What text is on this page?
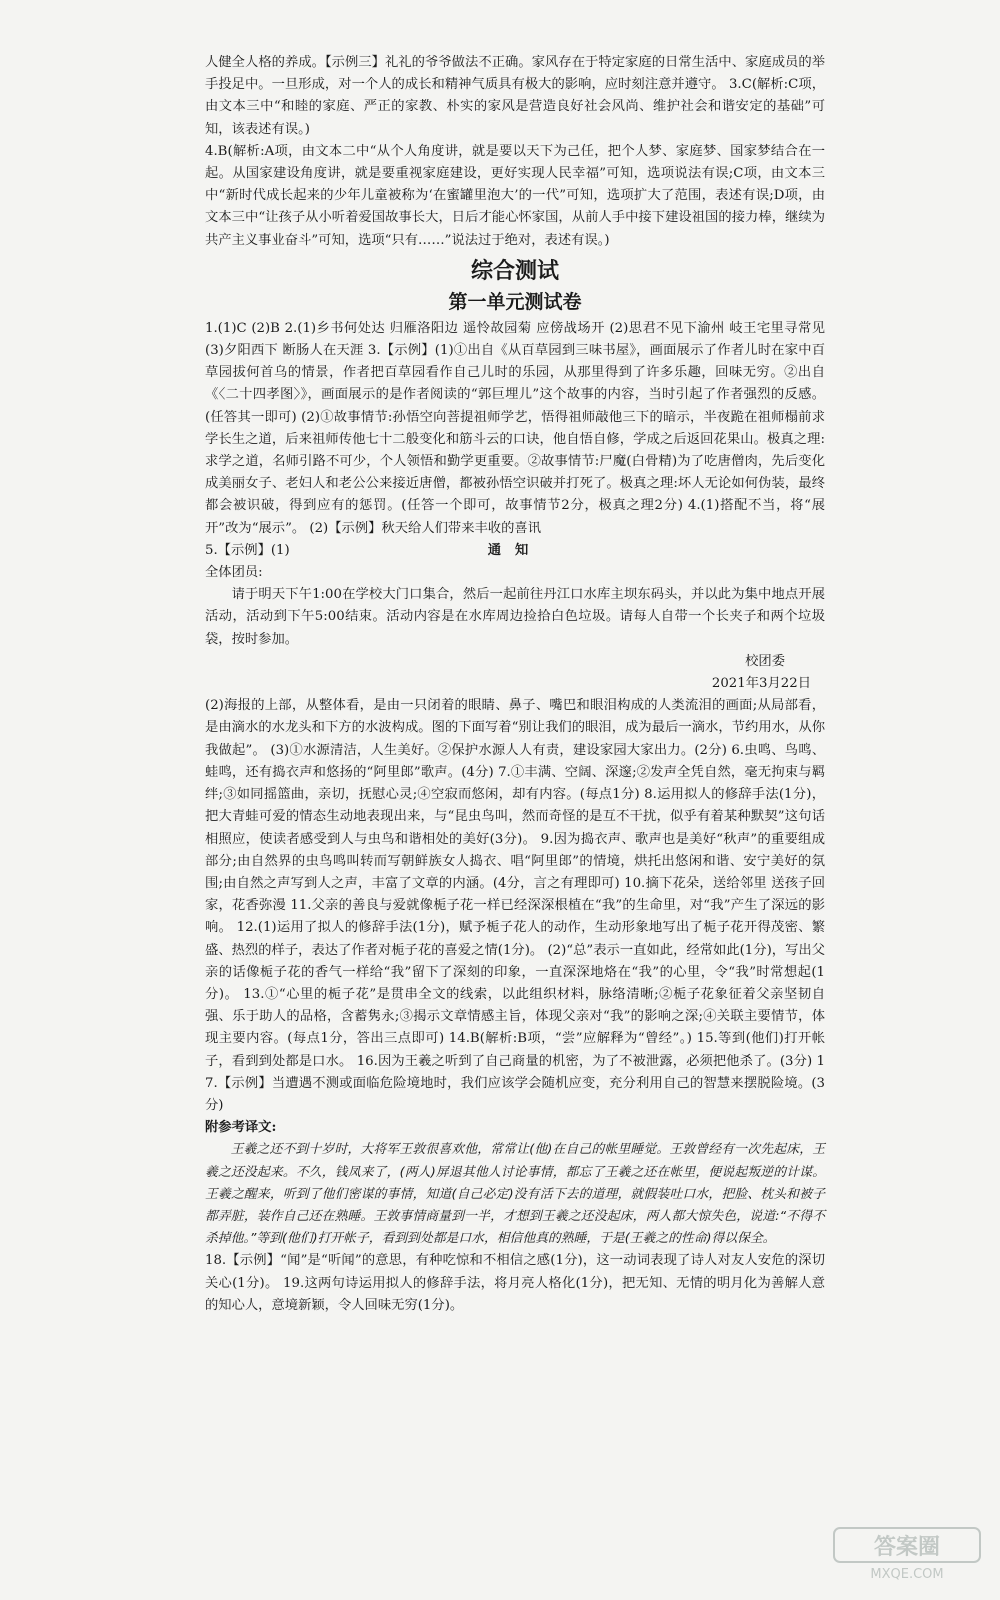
人健全人格的养成。【示例三】礼礼的爷爷做法不正确。家风存在于特定家庭的日常生活中、家庭成员的举手投足中。一旦形成，对一个人的成长和精神气质具有极大的影响，应时刻注意并遵守。 3.C(解析:C项，由文本三中“和睦的家庭、严正的家教、朴实的家风是营造良好社会风尚、维护社会和谐安定的基础”可知，该表述有误。)

4.B(解析:A项，由文本二中“从个人角度讲，就是要以天下为己任，把个人梦、家庭梦、国家梦结合在一起。从国家建设角度讲，就是要重视家庭建设，更好实现人民幸福”可知，选项说法有误;C项，由文本三中“新时代成长起来的少年儿童被称为‘在蜜罐里泡大’的一代”可知，选项扩大了范围，表述有误;D项，由文本三中“让孩子从小听着爱国故事长大，日后才能心怀家国，从前人手中接下建设祖国的接力棒，继续为共产主义事业奋斗”可知，选项“只有……”说法过于绝对，表述有误。)

综合测试
第一单元测试卷

1.(1)C (2)B 2.(1)乡书何处达 归雁洛阳边 遥怜故园菊 应傍战场开 (2)思君不见下渝州 岐王宅里寻常见 (3)夕阳西下 断肠人在天涯 3.【示例】(1)①出自《从百草园到三味书屋》，画面展示了作者儿时在家中百草园拔何首乌的情景，作者把百草园看作自己儿时的乐园，从那里得到了许多乐趣，回味无穷。②出自《〈二十四孝图〉》，画面展示的是作者阅读的“郭巨埋儿”这个故事的内容，当时引起了作者强烈的反感。(任答其一即可) (2)①故事情节:孙悟空向菩提祖师学艺，悟得祖师敲他三下的暗示，半夜跪在祖师榻前求学长生之道，后来祖师传他七十二般变化和筋斗云的口诀，他自悟自修，学成之后返回花果山。极真之理:求学之道，名师引路不可少，个人领悟和勤学更重要。②故事情节:尸魔(白骨精)为了吃唐僧肉，先后变化成美丽女子、老妇人和老公公来接近唐僧，都被孙悟空识破并打死了。极真之理:坏人无论如何伪装，最终都会被识破，得到应有的惩罚。(任答一个即可，故事情节2分，极真之理2分) 4.(1)搭配不当，将“展开”改为“展示”。 (2)【示例】秋天给人们带来丰收的喜讯

5.【示例】(1)	通知

全体团员:

请于明天下午1:00在学校大门口集合，然后一起前往丹江口水库主坝东码头，并以此为集中地点开展活动，活动到下午5:00结束。活动内容是在水库周边捡拾白色垃圾。请每人自带一个长夹子和两个垃圾袋，按时参加。

校团委
2021年3月22日

(2)海报的上部，从整体看，是由一只闭着的眼睛、鼻子、嘴巴和眼泪构成的人类流泪的画面;从局部看，是由滴水的水龙头和下方的水波构成。图的下面写着“别让我们的眼泪，成为最后一滴水，节约用水，从你我做起”。 (3)①水源清洁，人生美好。②保护水源人人有责，建设家园大家出力。(2分) 6.虫鸣、鸟鸣、蛙鸣，还有捣衣声和悠扬的“阿里郎”歌声。(4分) 7.①丰满、空阔、深邃;②发声全凭自然，毫无拘束与羁绊;③如同摇篮曲，亲切，抚慰心灵;④空寂而悠闲，却有内容。(每点1分) 8.运用拟人的修辞手法(1分)，把大青蛙可爱的情态生动地表现出来，与“昆虫鸟叫，然而奇怪的是互不干扰，似乎有着某种默契”这句话相照应，使读者感受到人与虫鸟和谐相处的美好(3分)。 9.因为捣衣声、歌声也是美好“秋声”的重要组成部分;由自然界的虫鸟鸣叫转而写朝鲜族女人捣衣、唱“阿里郎”的情境，烘托出悠闲和谐、安宁美好的氛围;由自然之声写到人之声，丰富了文章的内涵。(4分，言之有理即可) 10.摘下花朵，送给邻里 送孩子回家，花香弥漫 11.父亲的善良与爱就像栀子花一样已经深深根植在“我”的生命里，对“我”产生了深远的影响。 12.(1)运用了拟人的修辞手法(1分)，赋予栀子花人的动作，生动形象地写出了栀子花开得茂密、繁盛、热烈的样子，表达了作者对栀子花的喜爱之情(1分)。 (2)“总”表示一直如此，经常如此(1分)，写出父亲的话像栀子花的香气一样给“我”留下了深刻的印象，一直深深地烙在“我”的心里，令“我”时常想起(1分)。 13.①“心里的栀子花”是贯串全文的线索，以此组织材料，脉络清晰;②栀子花象征着父亲坚韧自强、乐于助人的品格，含蓄隽永;③揭示文章情感主旨，体现父亲对“我”的影响之深;④关联主要情节，体现主要内容。(每点1分，答出三点即可) 14.B(解析:B项，“尝”应解释为“曾经”。) 15.等到(他们)打开帐子，看到到处都是口水。 16.因为王羲之听到了自己商量的机密，为了不被泄露，必须把他杀了。(3分) 17.【示例】当遭遇不测或面临危险境地时，我们应该学会随机应变，充分利用自己的智慧来摆脱险境。(3分)

附参考译文:

王羲之还不到十岁时，大将军王敦很喜欢他，常常让(他)在自己的帐里睡觉。王敦曾经有一次先起床，王羲之还没起来。不久，钱凤来了，(两人)屏退其他人讨论事情，都忘了王羲之还在帐里，便说起叛逆的计谋。王羲之醒来，听到了他们密谋的事情，知道(自己必定)没有活下去的道理，就假装吐口水，把脸、枕头和被子都弄脏，装作自己还在熟睡。王敦事情商量到一半，才想到王羲之还没起床，两人都大惊失色，说道:“不得不杀掉他。”等到(他们)打开帐子，看到到处都是口水，相信他真的熟睡，于是(王羲之的性命)得以保全。

18.【示例】“闻”是“听闻”的意思，有种吃惊和不相信之感(1分)，这一动词表现了诗人对友人安危的深切关心(1分)。 19.这两句诗运用拟人的修辞手法，将月亮人格化(1分)，把无知、无情的明月化为善解人意的知心人，意境新颖，令人回味无穷(1分)。

答案圈
MXQE.COM
